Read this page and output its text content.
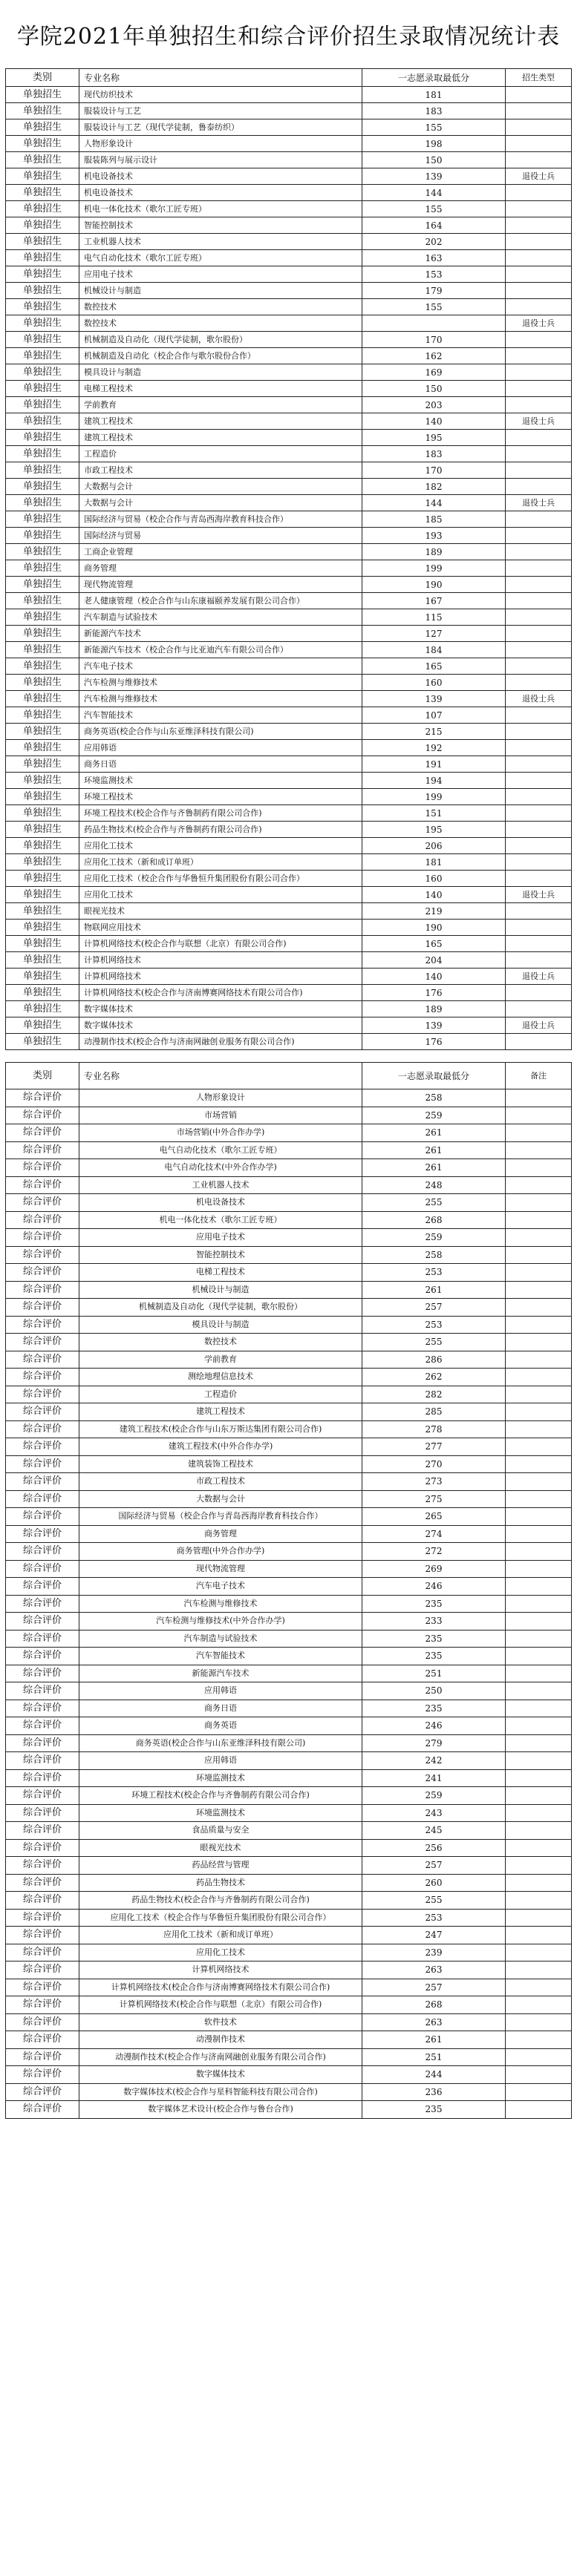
学院2021年单独招生和综合评价招生录取情况统计表
类别	专业名称	一志愿录取最低分	招生类型
单独招生	现代纺织技术	181	
单独招生	服装设计与工艺	183	
单独招生	服装设计与工艺（现代学徒制，鲁泰纺织）	155	
单独招生	人物形象设计	198	
单独招生	服装陈列与展示设计	150	
单独招生	机电设备技术	139	退役士兵
单独招生	机电设备技术	144	
单独招生	机电一体化技术（歌尔工匠专班）	155	
单独招生	智能控制技术	164	
单独招生	工业机器人技术	202	
单独招生	电气自动化技术（歌尔工匠专班）	163	
单独招生	应用电子技术	153	
单独招生	机械设计与制造	179	
单独招生	数控技术	155	
单独招生	数控技术		退役士兵
单独招生	机械制造及自动化（现代学徒制，歌尔股份）	170	
单独招生	机械制造及自动化（校企合作与歌尔股份合作）	162	
单独招生	模具设计与制造	169	
单独招生	电梯工程技术	150	
单独招生	学前教育	203	
单独招生	建筑工程技术	140	退役士兵
单独招生	建筑工程技术	195	
单独招生	工程造价	183	
单独招生	市政工程技术	170	
单独招生	大数据与会计	182	
单独招生	大数据与会计	144	退役士兵
单独招生	国际经济与贸易（校企合作与青岛西海岸教育科技合作）	185	
单独招生	国际经济与贸易	193	
单独招生	工商企业管理	189	
单独招生	商务管理	199	
单独招生	现代物流管理	190	
单独招生	老人健康管理（校企合作与山东康福颐养发展有限公司合作）	167	
单独招生	汽车制造与试验技术	115	
单独招生	新能源汽车技术	127	
单独招生	新能源汽车技术（校企合作与比亚迪汽车有限公司合作）	184	
单独招生	汽车电子技术	165	
单独招生	汽车检测与维修技术	160	
单独招生	汽车检测与维修技术	139	退役士兵
单独招生	汽车智能技术	107	
单独招生	商务英语(校企合作与山东亚维泽科技有限公司)	215	
单独招生	应用韩语	192	
单独招生	商务日语	191	
单独招生	环境监测技术	194	
单独招生	环境工程技术	199	
单独招生	环境工程技术(校企合作与齐鲁制药有限公司合作)	151	
单独招生	药品生物技术(校企合作与齐鲁制药有限公司合作)	195	
单独招生	应用化工技术	206	
单独招生	应用化工技术（新和成订单班）	181	
单独招生	应用化工技术（校企合作与华鲁恒升集团股份有限公司合作）	160	
单独招生	应用化工技术	140	退役士兵
单独招生	眼视光技术	219	
单独招生	物联网应用技术	190	
单独招生	计算机网络技术(校企合作与联想（北京）有限公司合作)	165	
单独招生	计算机网络技术	204	
单独招生	计算机网络技术	140	退役士兵
单独招生	计算机网络技术(校企合作与济南博赛网络技术有限公司合作)	176	
单独招生	数字媒体技术	189	
单独招生	数字媒体技术	139	退役士兵
单独招生	动漫制作技术(校企合作与济南网融创业服务有限公司合作)	176	
类别	专业名称	一志愿录取最低分	备注
综合评价	人物形象设计	258	
综合评价	市场营销	259	
综合评价	市场营销(中外合作办学)	261	
综合评价	电气自动化技术（歌尔工匠专班）	261	
综合评价	电气自动化技术(中外合作办学)	261	
综合评价	工业机器人技术	248	
综合评价	机电设备技术	255	
综合评价	机电一体化技术（歌尔工匠专班）	268	
综合评价	应用电子技术	259	
综合评价	智能控制技术	258	
综合评价	电梯工程技术	253	
综合评价	机械设计与制造	261	
综合评价	机械制造及自动化（现代学徒制，歌尔股份）	257	
综合评价	模具设计与制造	253	
综合评价	数控技术	255	
综合评价	学前教育	286	
综合评价	测绘地理信息技术	262	
综合评价	工程造价	282	
综合评价	建筑工程技术	285	
综合评价	建筑工程技术(校企合作与山东万斯达集团有限公司合作)	278	
综合评价	建筑工程技术(中外合作办学)	277	
综合评价	建筑装饰工程技术	270	
综合评价	市政工程技术	273	
综合评价	大数据与会计	275	
综合评价	国际经济与贸易（校企合作与青岛西海岸教育科技合作）	265	
综合评价	商务管理	274	
综合评价	商务管理(中外合作办学)	272	
综合评价	现代物流管理	269	
综合评价	汽车电子技术	246	
综合评价	汽车检测与维修技术	235	
综合评价	汽车检测与维修技术(中外合作办学)	233	
综合评价	汽车制造与试验技术	235	
综合评价	汽车智能技术	235	
综合评价	新能源汽车技术	251	
综合评价	应用韩语	250	
综合评价	商务日语	235	
综合评价	商务英语	246	
综合评价	商务英语(校企合作与山东亚维泽科技有限公司)	279	
综合评价	应用韩语	242	
综合评价	环境监测技术	241	
综合评价	环境工程技术(校企合作与齐鲁制药有限公司合作)	259	
综合评价	环境监测技术	243	
综合评价	食品质量与安全	245	
综合评价	眼视光技术	256	
综合评价	药品经营与管理	257	
综合评价	药品生物技术	260	
综合评价	药品生物技术(校企合作与齐鲁制药有限公司合作)	255	
综合评价	应用化工技术（校企合作与华鲁恒升集团股份有限公司合作）	253	
综合评价	应用化工技术（新和成订单班）	247	
综合评价	应用化工技术	239	
综合评价	计算机网络技术	263	
综合评价	计算机网络技术(校企合作与济南博赛网络技术有限公司合作)	257	
综合评价	计算机网络技术(校企合作与联想（北京）有限公司合作)	268	
综合评价	软件技术	263	
综合评价	动漫制作技术	261	
综合评价	动漫制作技术(校企合作与济南网融创业服务有限公司合作)	251	
综合评价	数字媒体技术	244	
综合评价	数字媒体技术(校企合作与星科智能科技有限公司合作)	236	
综合评价	数字媒体艺术设计(校企合作与鲁台合作)	235	
